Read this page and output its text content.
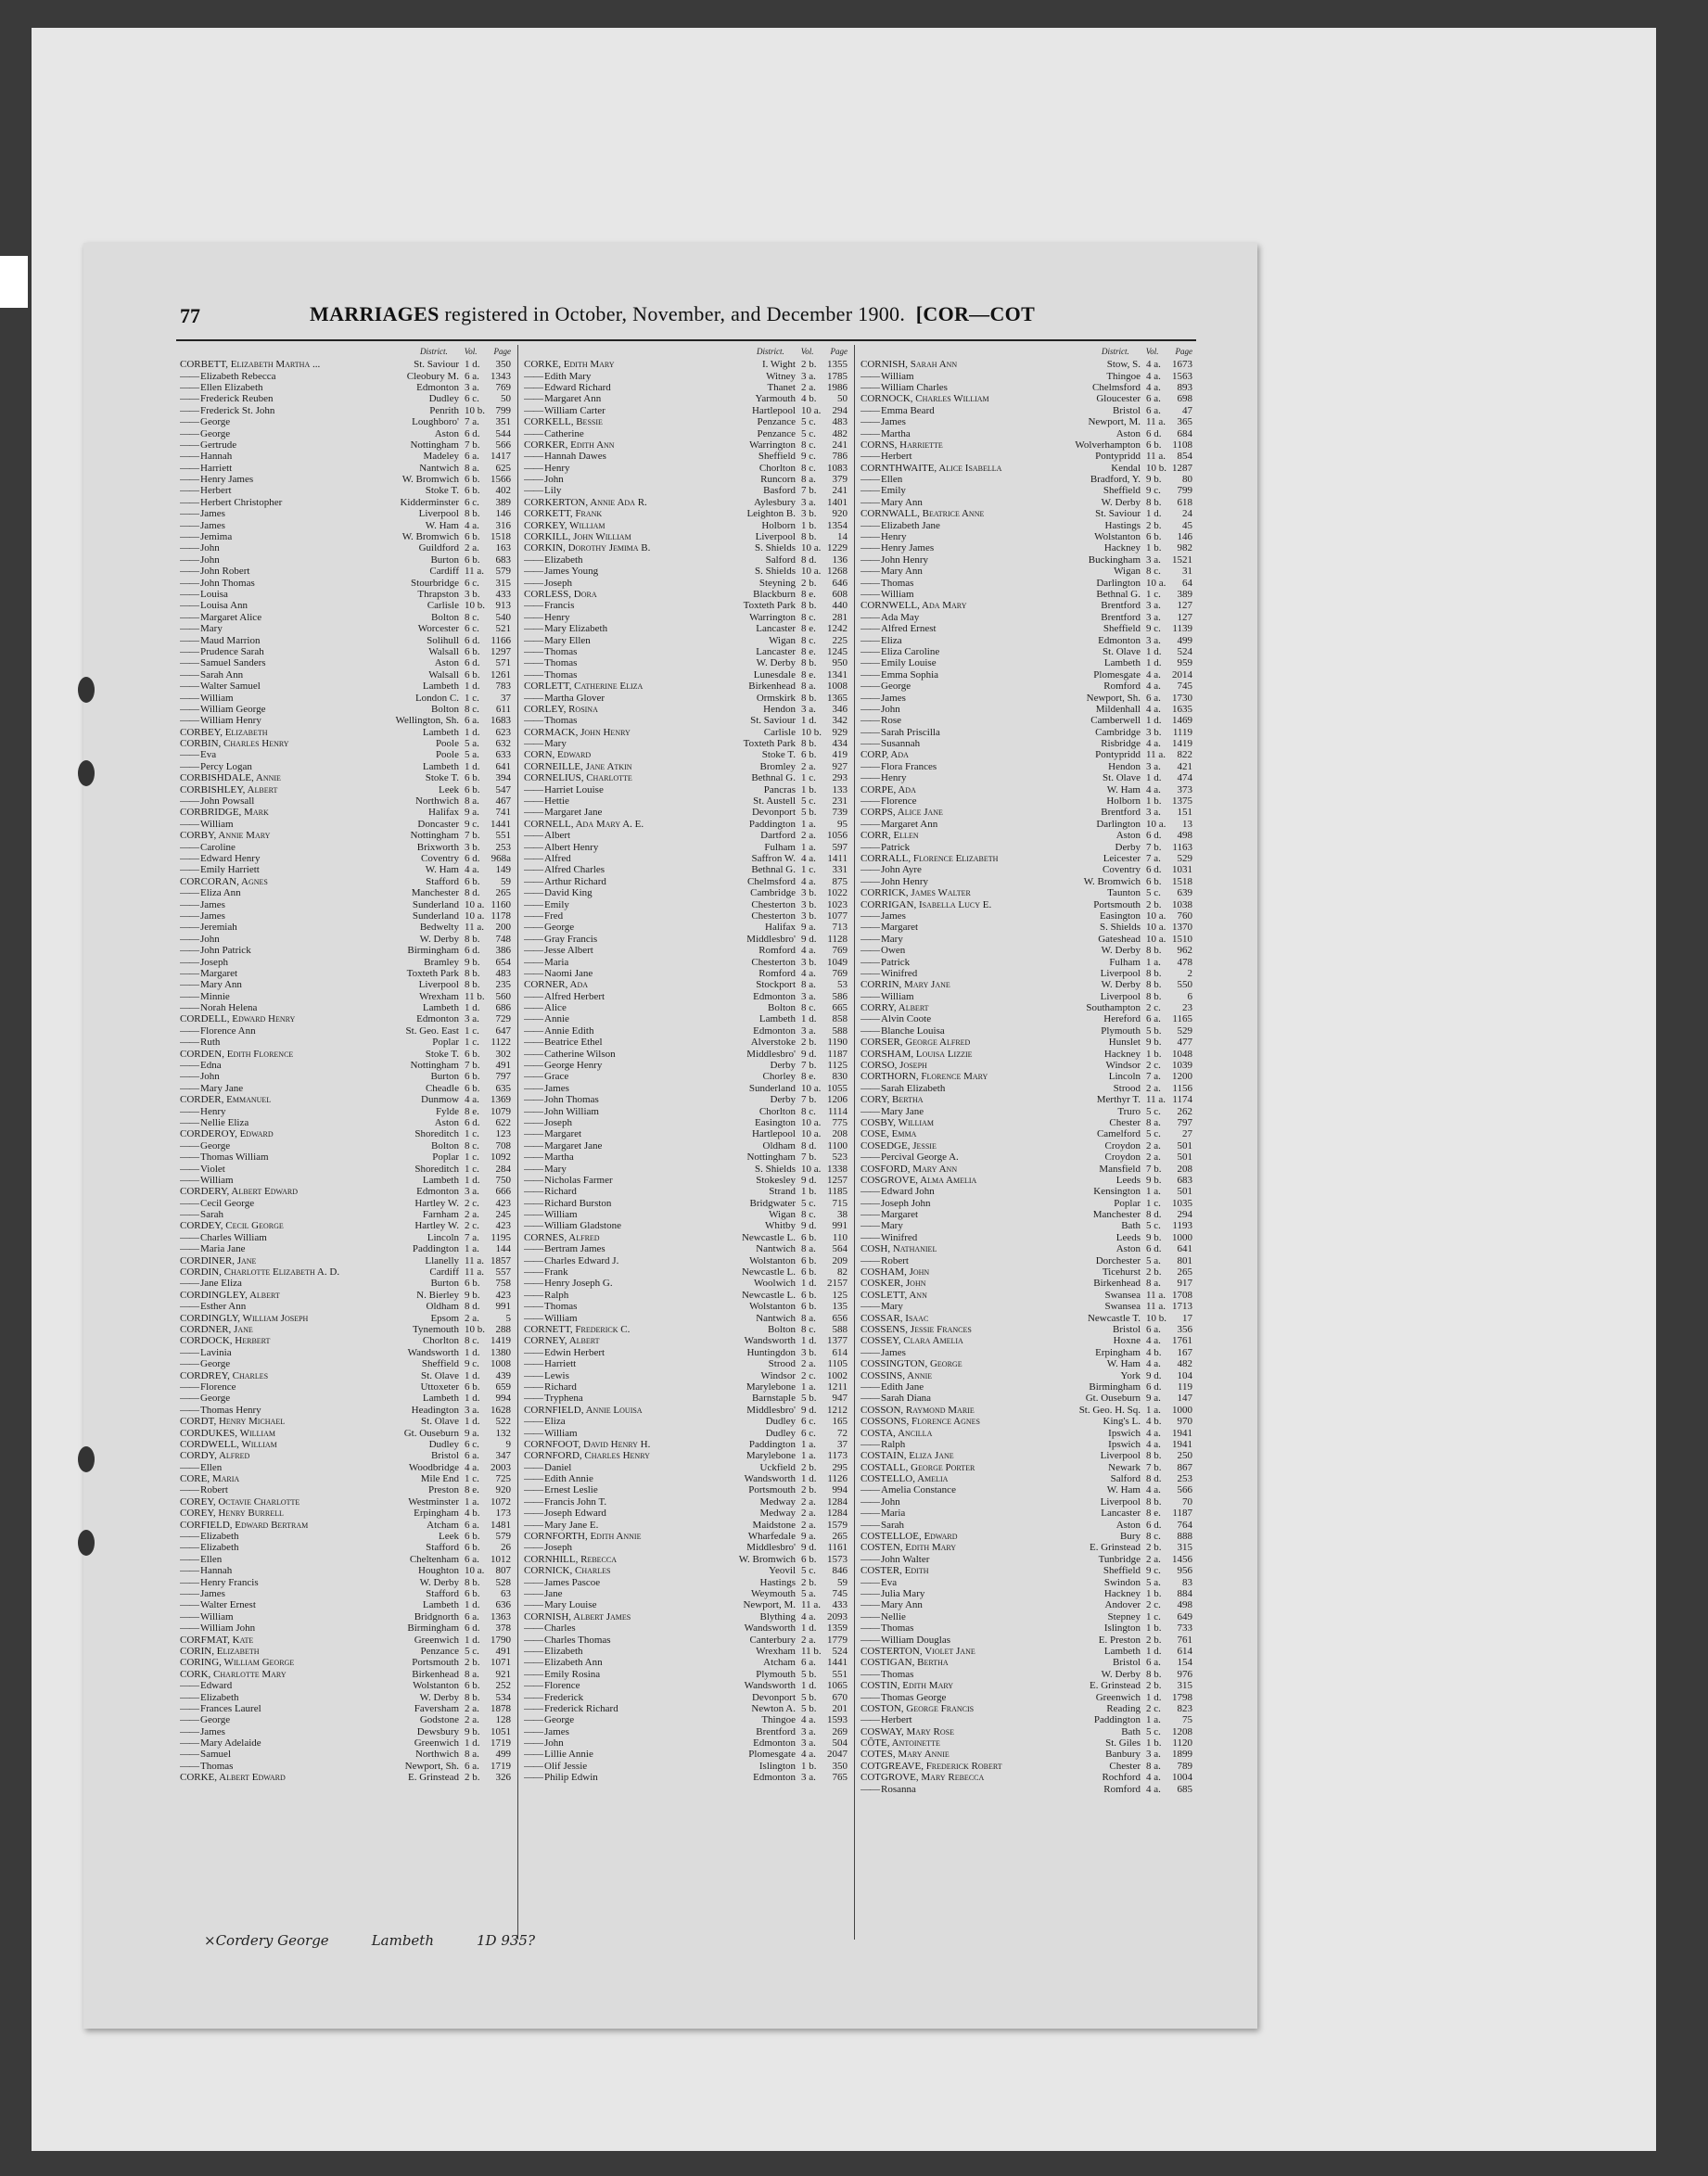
77	MARRIAGES registered in October, November, and December 1900. [COR—COT
District. Vol. Page
CORBETT, Elizabeth Martha ...	St. Saviour 1 d.	350
—— Elizabeth Rebecca	Cleobury M. 6 a.	1343
—— Ellen Elizabeth	Edmonton 3 a.	769
—— Frederick Reuben	Dudley 6 c.	50
—— Frederick St. John	Penrith 10 b.	799
—— George	Loughboro' 7 a.	351
—— George	Aston 6 d.	544
—— Gertrude	Nottingham 7 b.	566
—— Hannah	Madeley 6 a.	1417
—— Harriett	Nantwich 8 a.	625
—— Henry James	W. Bromwich 6 b.	1566
—— Herbert	Stoke T. 6 b.	402
—— Herbert Christopher	Kidderminster 6 c.	389
—— James	Liverpool 8 b.	146
—— James	W. Ham 4 a.	316
—— Jemima	W. Bromwich 6 b.	1518
—— John	Guildford 2 a.	163
—— John	Burton 6 b.	683
—— John Robert	Cardiff 11 a.	579
—— John Thomas	Stourbridge 6 c.	315
—— Louisa	Thrapston 3 b.	433
—— Louisa Ann	Carlisle 10 b.	913
—— Margaret Alice	Bolton 8 c.	540
—— Mary	Worcester 6 c.	521
—— Maud Marrion	Solihull 6 d.	1166
—— Prudence Sarah	Walsall 6 b.	1297
—— Samuel Sanders	Aston 6 d.	571
—— Sarah Ann	Walsall 6 b.	1261
—— Walter Samuel	Lambeth 1 d.	783
—— William	London C. 1 c.	37
—— William George	Bolton 8 c.	611
—— William Henry	Wellington, Sh. 6 a.	1683
CORBEY, Elizabeth	Lambeth 1 d.	623
CORBIN, Charles Henry	Poole 5 a.	632
—— Eva	Poole 5 a.	633
—— Percy Logan	Lambeth 1 d.	641
CORBISHDALE, Annie	Stoke T. 6 b.	394
CORBISHLEY, Albert	Leek 6 b.	547
—— John Powsall	Northwich 8 a.	467
CORBRIDGE, Mark	Halifax 9 a.	741
—— William	Doncaster 9 c.	1441
CORBY, Annie Mary	Nottingham 7 b.	551
—— Caroline	Brixworth 3 b.	253
—— Edward Henry	Coventry 6 d.	968a
—— Emily Harriett	W. Ham 4 a.	149
CORCORAN, Agnes	Stafford 6 b.	59
—— Eliza Ann	Manchester 8 d.	265
—— James	Sunderland 10 a. 1160
—— James	Sunderland 10 a. 1178
—— Jeremiah	Bedwelty 11 a.	200
—— John	W. Derby 8 b.	748
—— John Patrick	Birmingham 6 d.	386
—— Joseph	Bramley 9 b.	654
—— Margaret	Toxteth Park 8 b.	483
—— Mary Ann	Liverpool 8 b.	235
—— Minnie	Wrexham 11 b.	560
—— Norah Helena	Lambeth 1 d.	686
CORDELL, Edward Henry	Edmonton 3 a.	729
—— Florence Ann	St. Geo. East 1 c.	647
—— Ruth	Poplar 1 c.	1122
CORDEN, Edith Florence	Stoke T. 6 b.	302
—— Edna	Nottingham 7 b.	491
—— John	Burton 6 b.	797
—— Mary Jane	Cheadle 6 b.	635
CORDER, Emmanuel	Dunmow 4 a.	1369
—— Henry	Fylde 8 e.	1079
—— Nellie Eliza	Aston 6 d.	622
CORDEROY, Edward	Shoreditch 1 c.	123
—— George	Bolton 8 c.	708
—— Thomas William	Poplar 1 c.	1092
—— Violet	Shoreditch 1 c.	284
—— William	Lambeth 1 d.	750
CORDERY, Albert Edward	Edmonton 3 a.	666
—— Cecil George	Hartley W. 2 c.	423
—— Sarah	Farnham 2 a.	245
CORDEY, Cecil George	Hartley W. 2 c.	423
—— Charles William	Lincoln 7 a.	1195
—— Maria Jane	Paddington 1 a.	144
CORDINER, Jane	Llanelly 11 a. 1857
CORDIN, Charlotte Elizabeth A. D.	Cardiff 11 a.	557
—— Jane Eliza	Burton 6 b.	758
CORDINGLEY, Albert	N. Bierley 9 b.	423
—— Esther Ann	Oldham 8 d.	991
CORDINGLY, William Joseph	Epsom 2 a.	5
CORDNER, Jane	Tynemouth 10 b.	288
CORDOCK, Herbert	Chorlton 8 c.	1419
—— Lavinia	Wandsworth 1 d.	1380
—— George	Sheffield 9 c.	1008
CORDREY, Charles	St. Olave 1 d.	439
—— Florence	Uttoxeter 6 b.	659
—— George	Lambeth 1 d.	994
—— Thomas Henry	Headington 3 a.	1628
CORDT, Henry Michael	St. Olave 1 d.	522
CORDUKES, William	Gt. Ouseburn 9 a.	132
CORDWELL, William	Dudley 6 c.	9
CORDY, Alfred	Bristol 6 a.	347
—— Ellen	Woodbridge 4 a.	2003
CORE, Maria	Mile End 1 c.	725
—— Robert	Preston 8 e.	920
COREY, Octavie Charlotte	Westminster 1 a.	1072
COREY, Henry Burrell	Erpingham 4 b.	173
CORFIELD, Edward Bertram	Atcham 6 a.	1481
—— Elizabeth	Leek 6 b.	579
—— Elizabeth	Stafford 6 b.	26
—— Ellen	Cheltenham 6 a.	1012
—— Hannah	Houghton 10 a.	807
—— Henry Francis	W. Derby 8 b.	528
—— James	Stafford 6 b.	63
—— Walter Ernest	Lambeth 1 d.	636
—— William	Bridgnorth 6 a.	1363
—— William John	Birmingham 6 d.	378
CORFMAT, Kate	Greenwich 1 d.	1790
CORIN, Elizabeth	Penzance 5 c.	491
CORING, William George	Portsmouth 2 b.	1071
CORK, Charlotte Mary	Birkenhead 8 a.	921
—— Edward	Wolstanton 6 b.	252
—— Elizabeth	W. Derby 8 b.	534
—— Frances Laurel	Faversham 2 a.	1878
—— George	Godstone 2 a.	128
—— James	Dewsbury 9 b.	1051
—— Mary Adelaide	Greenwich 1 d.	1719
—— Samuel	Northwich 8 a.	499
—— Thomas	Newport, Sh. 6 a.	1719
CORKE, Albert Edward	E. Grinstead 2 b.	326
District. Vol. Page
CORKE, Edith Mary	I. Wight 2 b.	1355
—— Edith Mary	Witney 3 a.	1785
—— Edward Richard	Thanet 2 a.	1986
—— Margaret Ann	Yarmouth 4 b.	50
—— William Carter	Hartlepool 10 a.	294
CORKELL, Bessie	Penzance 5 c.	483
—— Catherine	Penzance 5 c.	482
CORKER, Edith Ann	Warrington 8 c.	241
—— Hannah Dawes	Sheffield 9 c.	786
—— Henry	Chorlton 8 c.	1083
—— John	Runcorn 8 a.	379
—— Lily	Basford 7 b.	241
CORKERTON, Annie Ada R.	Aylesbury 3 a.	1401
CORKETT, Frank	Leighton B. 3 b.	920
CORKEY, William	Holborn 1 b.	1354
CORKILL, John William	Liverpool 8 b.	14
CORKIN, Dorothy Jemima B.	S. Shields 10 a. 1229
—— Elizabeth	Salford 8 d.	136
—— James Young	S. Shields 10 a. 1268
—— Joseph	Steyning 2 b.	646
CORLESS, Dora	Blackburn 8 e.	608
—— Francis	Toxteth Park 8 b.	440
—— Henry	Warrington 8 c.	281
—— Mary Elizabeth	Lancaster 8 e.	1242
—— Mary Ellen	Wigan 8 c.	225
—— Thomas	Lancaster 8 e.	1245
—— Thomas	W. Derby 8 b.	950
—— Thomas	Lunesdale 8 e.	1341
CORLETT, Catherine Eliza	Birkenhead 8 a.	1008
—— Martha Glover	Ormskirk 8 b.	1365
CORLEY, Rosina	Hendon 3 a.	346
—— Thomas	St. Saviour 1 d.	342
CORMACK, John Henry	Carlisle 10 b.	929
—— Mary	Toxteth Park 8 b.	434
CORN, Edward	Stoke T. 6 b.	419
CORNEILLE, Jane Atkin	Bromley 2 a.	927
CORNELIUS, Charlotte	Bethnal G. 1 c.	293
—— Harriet Louise	Pancras 1 b.	133
—— Hettie	St. Austell 5 c.	231
—— Margaret Jane	Devonport 5 b.	739
CORNELL, Ada Mary A. E.	Paddington 1 a.	95
—— Albert	Dartford 2 a.	1056
—— Albert Henry	Fulham 1 a.	597
—— Alfred	Saffron W. 4 a.	1411
—— Alfred Charles	Bethnal G. 1 c.	331
—— Arthur Richard	Chelmsford 4 a.	875
—— David King	Cambridge 3 b.	1022
—— Emily	Chesterton 3 b.	1023
—— Fred	Chesterton 3 b.	1077
—— George	Halifax 9 a.	713
—— Gray Francis	Middlesbro' 9 d.	1128
—— Jesse Albert	Romford 4 a.	769
—— Maria	Chesterton 3 b.	1049
—— Naomi Jane	Romford 4 a.	769
CORNER, Ada	Stockport 8 a.	53
—— Alfred Herbert	Edmonton 3 a.	586
—— Alice	Bolton 8 c.	665
—— Annie	Lambeth 1 d.	858
—— Annie Edith	Edmonton 3 a.	588
—— Beatrice Ethel	Alverstoke 2 b.	1190
—— Catherine Wilson	Middlesbro' 9 d.	1187
—— George Henry	Derby 7 b.	1125
—— Grace	Chorley 8 e.	830
—— James	Sunderland 10 a. 1055
—— John Thomas	Derby 7 b.	1206
—— John William	Chorlton 8 c.	1114
—— Joseph	Easington 10 a.	775
—— Margaret	Hartlepool 10 a.	208
—— Margaret Jane	Oldham 8 d.	1100
—— Martha	Nottingham 7 b.	523
—— Mary	S. Shields 10 a. 1338
—— Nicholas Farmer	Stokesley 9 d.	1257
—— Richard	Strand 1 b.	1185
—— Richard Burston	Bridgwater 5 c.	715
—— William	Wigan 8 c.	38
—— William Gladstone	Whitby 9 d.	991
CORNES, Alfred	Newcastle L. 6 b.	110
—— Bertram James	Nantwich 8 a.	564
—— Charles Edward J.	Wolstanton 6 b.	209
—— Frank	Newcastle L. 6 b.	82
—— Henry Joseph G.	Woolwich 1 d.	2157
—— Ralph	Newcastle L. 6 b.	125
—— Thomas	Wolstanton 6 b.	135
—— William	Nantwich 8 a.	656
CORNETT, Frederick C.	Bolton 8 c.	588
CORNEY, Albert	Wandsworth 1 d.	1377
—— Edwin Herbert	Huntingdon 3 b.	614
—— Harriett	Strood 2 a.	1105
—— Lewis	Windsor 2 c.	1002
—— Richard	Marylebone 1 a.	1211
—— Tryphena	Barnstaple 5 b.	947
CORNFIELD, Annie Louisa	Middlesbro' 9 d.	1212
—— Eliza	Dudley 6 c.	165
—— William	Dudley 6 c.	72
CORNFOOT, David Henry H.	Paddington 1 a.	37
CORNFORD, Charles Henry	Marylebone 1 a.	1173
—— Daniel	Uckfield 2 b.	295
—— Edith Annie	Wandsworth 1 d.	1126
—— Ernest Leslie	Portsmouth 2 b.	994
—— Francis John T.	Medway 2 a.	1284
—— Joseph Edward	Medway 2 a.	1284
—— Mary Jane E.	Maidstone 2 a.	1579
CORNFORTH, Edith Annie	Wharfedale 9 a.	265
—— Joseph	Middlesbro' 9 d.	1161
CORNHILL, Rebecca	W. Bromwich 6 b.	1573
CORNICK, Charles	Yeovil 5 c.	846
—— James Pascoe	Hastings 2 b.	59
—— Jane	Weymouth 5 a.	745
—— Mary Louise	Newport, M. 11 a.	433
CORNISH, Albert James	Blything 4 a.	2093
—— Charles	Wandsworth 1 d.	1359
—— Charles Thomas	Canterbury 2 a.	1779
—— Elizabeth	Wrexham 11 b.	524
—— Elizabeth Ann	Atcham 6 a.	1441
—— Emily Rosina	Plymouth 5 b.	551
—— Florence	Wandsworth 1 d.	1065
—— Frederick	Devonport 5 b.	670
—— Frederick Richard	Newton A. 5 b.	201
—— George	Thingoe 4 a.	1593
—— James	Brentford 3 a.	269
—— John	Edmonton 3 a.	504
—— Lillie Annie	Plomesgate 4 a.	2047
—— Olif Jessie	Islington 1 b.	350
—— Philip Edwin	Edmonton 3 a.	765
District. Vol. Page
CORNISH, Sarah Ann	Stow, S. 4 a.	1673
—— William	Thingoe 4 a.	1563
—— William Charles	Chelmsford 4 a.	893
CORNOCK, Charles William	Gloucester 6 a.	698
—— Emma Beard	Bristol 6 a.	47
—— James	Newport, M. 11 a.	365
—— Martha	Aston 6 d.	684
CORNS, Harriette	Wolverhampton 6 b.	1108
—— Herbert	Pontypridd 11 a.	854
CORNTHWAITE, Alice Isabella	Kendal 10 b. 1287
—— Ellen	Bradford, Y. 9 b.	80
—— Emily	Sheffield 9 c.	799
—— Mary Ann	W. Derby 8 b.	618
CORNWALL, Beatrice Anne	St. Saviour 1 d.	24
—— Elizabeth Jane	Hastings 2 b.	45
—— Henry	Wolstanton 6 b.	146
—— Henry James	Hackney 1 b.	982
—— John Henry	Buckingham 3 a.	1521
—— Mary Ann	Wigan 8 c.	31
—— Thomas	Darlington 10 a.	64
—— William	Bethnal G. 1 c.	389
CORNWELL, Ada Mary	Brentford 3 a.	127
—— Ada May	Brentford 3 a.	127
—— Alfred Ernest	Sheffield 9 c.	1139
—— Eliza	Edmonton 3 a.	499
—— Eliza Caroline	St. Olave 1 d.	524
—— Emily Louise	Lambeth 1 d.	959
—— Emma Sophia	Plomesgate 4 a.	2014
—— George	Romford 4 a.	745
—— James	Newport, Sh. 6 a.	1730
—— John	Mildenhall 4 a.	1635
—— Rose	Camberwell 1 d.	1469
—— Sarah Priscilla	Cambridge 3 b.	1119
—— Susannah	Risbridge 4 a.	1419
CORP, Ada	Pontypridd 11 a.	822
—— Flora Frances	Hendon 3 a.	421
—— Henry	St. Olave 1 d.	474
CORPE, Ada	W. Ham 4 a.	373
—— Florence	Holborn 1 b.	1375
CORPS, Alice Jane	Brentford 3 a.	151
—— Margaret Ann	Darlington 10 a.	13
CORR, Ellen	Aston 6 d.	498
—— Patrick	Derby 7 b.	1163
CORRALL, Florence Elizabeth	Leicester 7 a.	529
—— John Ayre	Coventry 6 d.	1031
—— John Henry	W. Bromwich 6 b.	1518
CORRICK, James Walter	Taunton 5 c.	639
CORRIGAN, Isabella Lucy E.	Portsmouth 2 b.	1038
—— James	Easington 10 a.	760
—— Margaret	S. Shields 10 a. 1370
—— Mary	Gateshead 10 a. 1510
—— Owen	W. Derby 8 b.	962
—— Patrick	Fulham 1 a.	478
—— Winifred	Liverpool 8 b.	2
CORRIN, Mary Jane	W. Derby 8 b.	550
—— William	Liverpool 8 b.	6
CORRY, Albert	Southampton 2 c.	23
—— Alvin Coote	Hereford 6 a.	1165
—— Blanche Louisa	Plymouth 5 b.	529
CORSER, George Alfred	Hunslet 9 b.	477
CORSHAM, Louisa Lizzie	Hackney 1 b.	1048
CORSO, Joseph	Windsor 2 c.	1039
CORTHORN, Florence Mary	Lincoln 7 a.	1200
—— Sarah Elizabeth	Strood 2 a.	1156
CORY, Bertha	Merthyr T. 11 a. 1174
—— Mary Jane	Truro 5 c.	262
COSBY, William	Chester 8 a.	797
COSE, Emma	Camelford 5 c.	27
COSEDGE, Jessie	Croydon 2 a.	501
—— Percival George A.	Croydon 2 a.	501
COSFORD, Mary Ann	Mansfield 7 b.	208
COSGROVE, Alma Amelia	Leeds 9 b.	683
—— Edward John	Kensington 1 a.	501
—— Joseph John	Poplar 1 c.	1035
—— Margaret	Manchester 8 d.	294
—— Mary	Bath 5 c.	1193
—— Winifred	Leeds 9 b.	1000
COSH, Nathaniel	Aston 6 d.	641
—— Robert	Dorchester 5 a.	801
COSHAM, John	Ticehurst 2 b.	265
COSKER, John	Birkenhead 8 a.	917
COSLETT, Ann	Swansea 11 a. 1708
—— Mary	Swansea 11 a. 1713
COSSAR, Isaac	Newcastle T. 10 b.	17
COSSENS, Jessie Frances	Bristol 6 a.	356
COSSEY, Clara Amelia	Hoxne 4 a.	1761
—— James	Erpingham 4 b.	167
COSSINGTON, George	W. Ham 4 a.	482
COSSINS, Annie	York 9 d.	104
—— Edith Jane	Birmingham 6 d.	119
—— Sarah Diana	Gt. Ouseburn 9 a.	147
COSSON, Raymond Marie	St. Geo. H. Sq. 1 a.	1000
COSSONS, Florence Agnes	King's L. 4 b.	970
COSTA, Ancilla	Ipswich 4 a.	1941
—— Ralph	Ipswich 4 a.	1941
COSTAIN, Eliza Jane	Liverpool 8 b.	250
COSTALL, George Porter	Newark 7 b.	867
COSTELLO, Amelia	Salford 8 d.	253
—— Amelia Constance	W. Ham 4 a.	566
—— John	Liverpool 8 b.	70
—— Maria	Lancaster 8 e.	1187
—— Sarah	Aston 6 d.	764
COSTELLOE, Edward	Bury 8 c.	888
COSTEN, Edith Mary	E. Grinstead 2 b.	315
—— John Walter	Tunbridge 2 a.	1456
COSTER, Edith	Sheffield 9 c.	956
—— Eva	Swindon 5 a.	83
—— Julia Mary	Hackney 1 b.	884
—— Mary Ann	Andover 2 c.	498
—— Nellie	Stepney 1 c.	649
—— Thomas	Islington 1 b.	733
—— William Douglas	E. Preston 2 b.	761
COSTERTON, Violet Jane	Lambeth 1 d.	614
COSTIGAN, Bertha	Bristol 6 a.	154
—— Thomas	W. Derby 8 b.	976
COSTIN, Edith Mary	E. Grinstead 2 b.	315
—— Thomas George	Greenwich 1 d.	1798
COSTON, George Francis	Reading 2 c.	823
—— Herbert	Paddington 1 a.	75
COSWAY, Mary Rose	Bath 5 c.	1208
CÔTE, Antoinette	St. Giles 1 b.	1120
COTES, Mary Annie	Banbury 3 a.	1899
COTGREAVE, Frederick Robert	Chester 8 a.	789
COTGROVE, Mary Rebecca	Rochford 4 a.	1004
—— Rosanna	Romford 4 a.	685
×Cordery George	Lambeth	1D 935?
